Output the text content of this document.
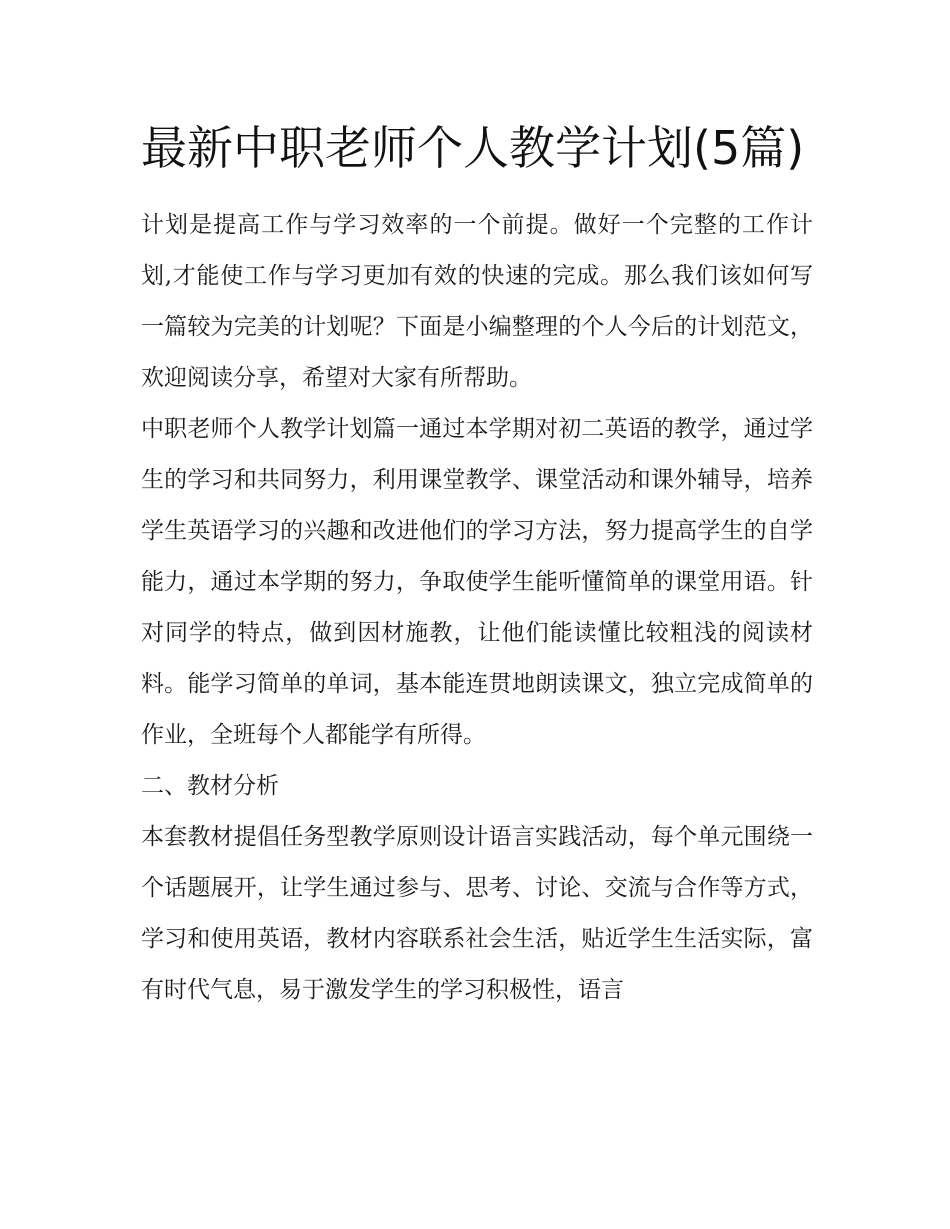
最新中职老师个人教学计划(5篇)

计划是提高工作与学习效率的一个前提。做好一个完整的工作计划,才能使工作与学习更加有效的快速的完成。那么我们该如何写一篇较为完美的计划呢？下面是小编整理的个人今后的计划范文，欢迎阅读分享，希望对大家有所帮助。

中职老师个人教学计划篇一通过本学期对初二英语的教学，通过学生的学习和共同努力，利用课堂教学、课堂活动和课外辅导，培养学生英语学习的兴趣和改进他们的学习方法，努力提高学生的自学能力，通过本学期的努力，争取使学生能听懂简单的课堂用语。针对同学的特点，做到因材施教，让他们能读懂比较粗浅的阅读材料。能学习简单的单词，基本能连贯地朗读课文，独立完成简单的作业，全班每个人都能学有所得。

二、教材分析

本套教材提倡任务型教学原则设计语言实践活动，每个单元围绕一个话题展开，让学生通过参与、思考、讨论、交流与合作等方式，学习和使用英语，教材内容联系社会生活，贴近学生生活实际，富有时代气息，易于激发学生的学习积极性，语言
